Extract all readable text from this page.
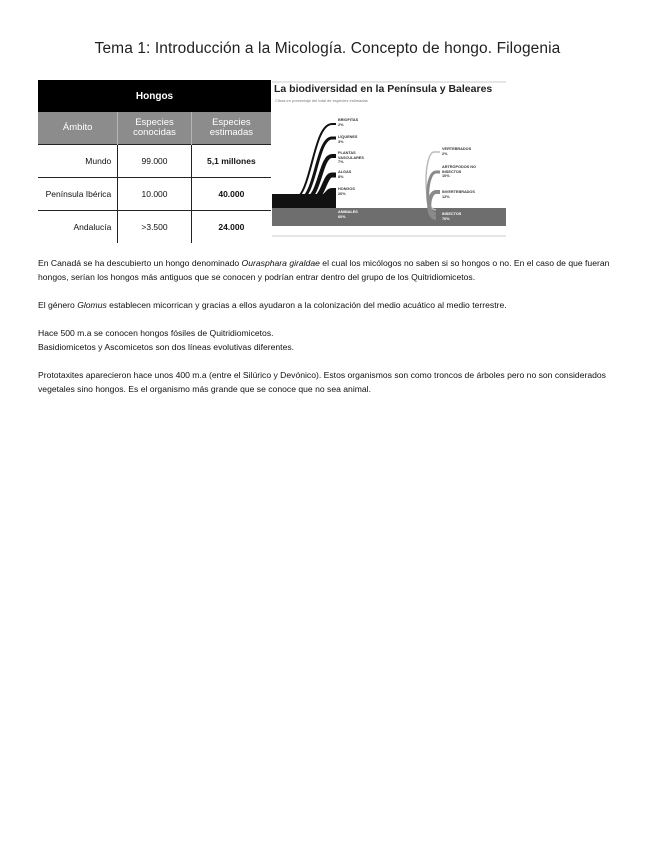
Tema 1: Introducción a la Micología. Concepto de hongo. Filogenia
Hongos		
Ámbito	Especies conocidas	Especies estimadas
Mundo	99.000	5,1 millones
Península Ibérica	10.000	40.000
Andalucía	>3.500	24.000
La biodiversidad en la Península y Baleares
Cifras en porcentaje del total de especies estimadas
BRIOFITAS
2%
LÍQUENES
3%
PLANTAS VASCULARES
7%
ALGAS
8%
HONGOS
20%
ANIMALES
60%
VERTEBRADOS
2%
ARTRÓPODOS NO INSECTOS
10%
INVERTEBRADOS
12%
INSECTOS
76%

En Canadá se ha descubierto un hongo denominado Ourasphara giraldae el cual los micólogos no saben si so hongos o no. En el caso de que fueran hongos, serían los hongos más antiguos que se conocen y podrían entrar dentro del grupo de los Quitridiomicetos.

El género Glomus establecen micorrican y gracias a ellos ayudaron a la colonización del medio acuático al medio terrestre.

Hace 500 m.a se conocen hongos fósiles de Quitridiomicetos.
Basidiomicetos y Ascomicetos son dos líneas evolutivas diferentes.

Prototaxites aparecieron hace unos 400 m.a (entre el Silúrico y Devónico). Estos organismos son como troncos de árboles pero no son considerados vegetales sino hongos. Es el organismo más grande que se conoce que no sea animal.
